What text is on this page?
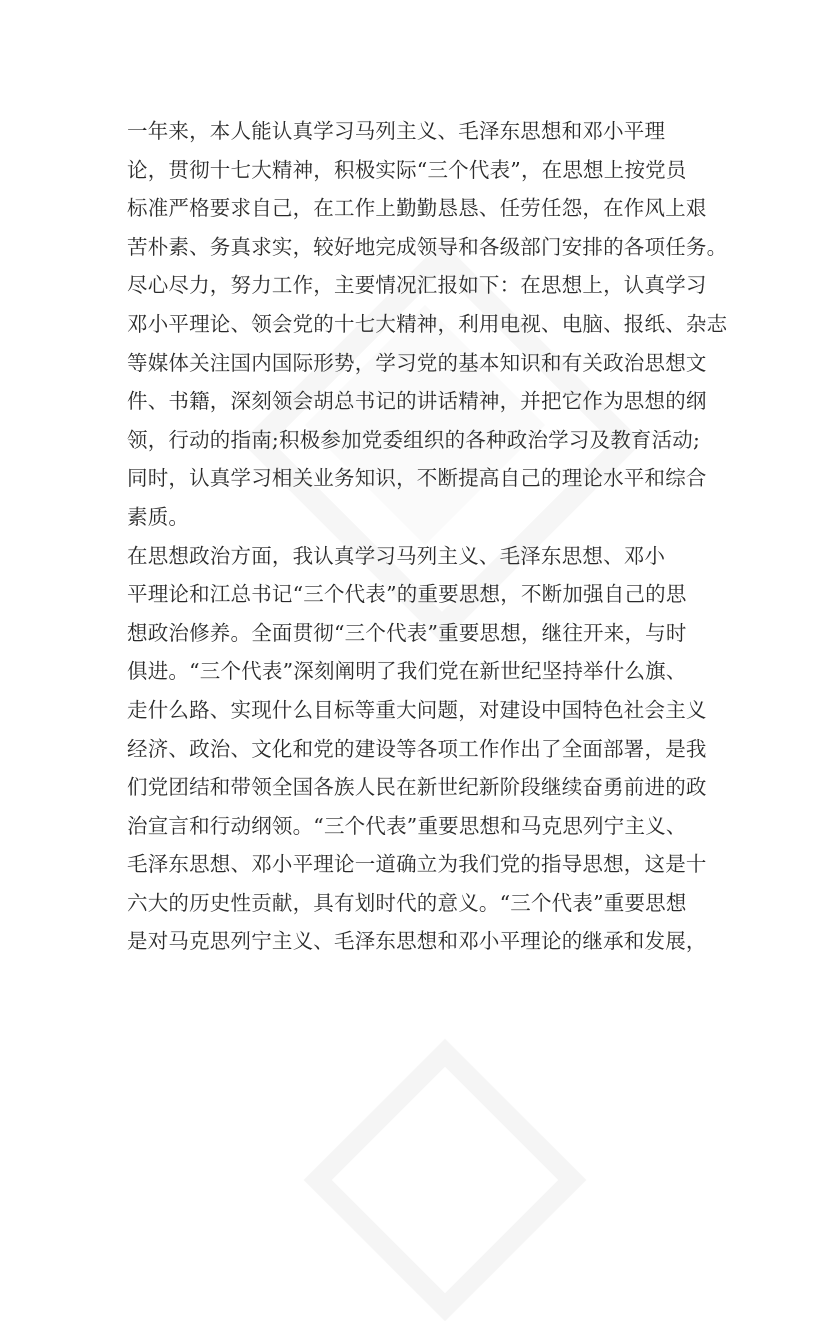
一年来，本人能认真学习马列主义、毛泽东思想和邓小平理
论，贯彻十七大精神，积极实际“三个代表”，在思想上按党员
标准严格要求自己，在工作上勤勤恳恳、任劳任怨，在作风上艰
苦朴素、务真求实，较好地完成领导和各级部门安排的各项任务。
尽心尽力，努力工作，主要情况汇报如下：在思想上，认真学习
邓小平理论、领会党的十七大精神，利用电视、电脑、报纸、杂志
等媒体关注国内国际形势，学习党的基本知识和有关政治思想文
件、书籍，深刻领会胡总书记的讲话精神，并把它作为思想的纲
领，行动的指南;积极参加党委组织的各种政治学习及教育活动;
同时，认真学习相关业务知识，不断提高自己的理论水平和综合
素质。
在思想政治方面，我认真学习马列主义、毛泽东思想、邓小
平理论和江总书记“三个代表”的重要思想，不断加强自己的思
想政治修养。全面贯彻“三个代表”重要思想，继往开来，与时
俱进。“三个代表”深刻阐明了我们党在新世纪坚持举什么旗、
走什么路、实现什么目标等重大问题，对建设中国特色社会主义
经济、政治、文化和党的建设等各项工作作出了全面部署，是我
们党团结和带领全国各族人民在新世纪新阶段继续奋勇前进的政
治宣言和行动纲领。“三个代表”重要思想和马克思列宁主义、
毛泽东思想、邓小平理论一道确立为我们党的指导思想，这是十
六大的历史性贡献，具有划时代的意义。“三个代表”重要思想
是对马克思列宁主义、毛泽东思想和邓小平理论的继承和发展，
